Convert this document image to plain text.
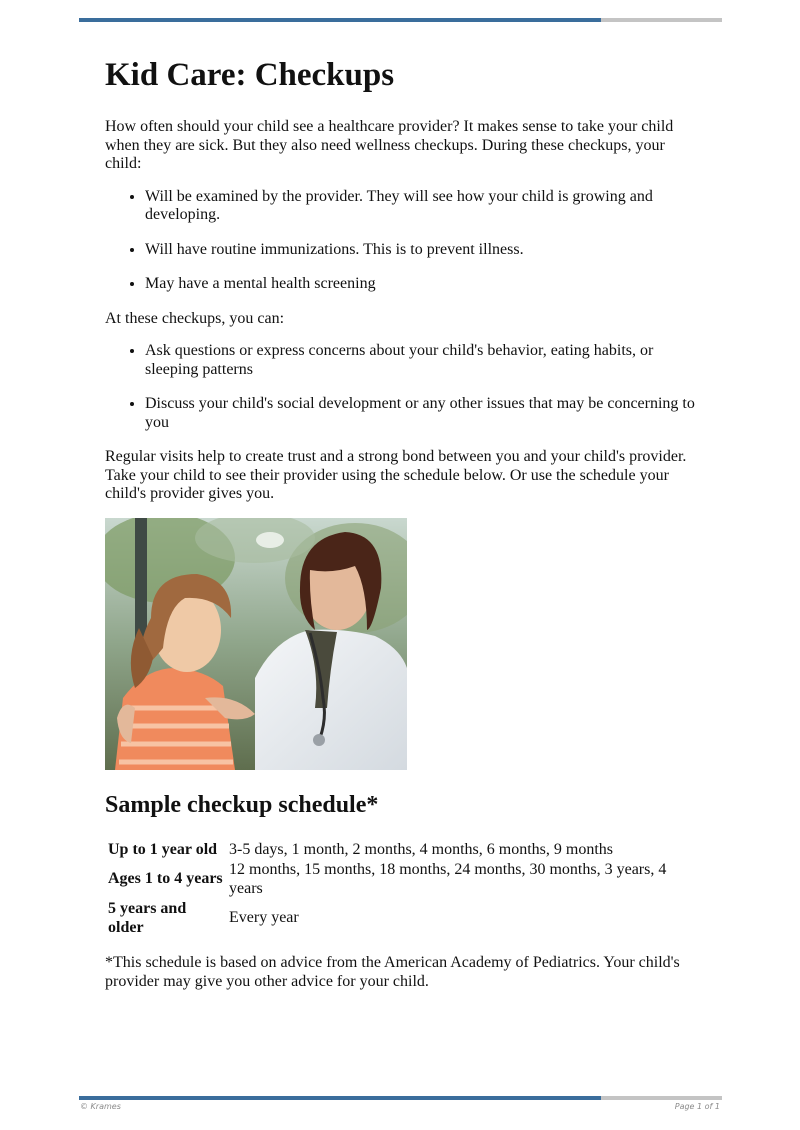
Kid Care: Checkups

How often should your child see a healthcare provider? It makes sense to take your child when they are sick. But they also need wellness checkups. During these checkups, your child:

• Will be examined by the provider. They will see how your child is growing and developing.
• Will have routine immunizations. This is to prevent illness.
• May have a mental health screening

At these checkups, you can:

• Ask questions or express concerns about your child's behavior, eating habits, or sleeping patterns
• Discuss your child's social development or any other issues that may be concerning to you

Regular visits help to create trust and a strong bond between you and your child's provider. Take your child to see their provider using the schedule below. Or use the schedule your child's provider gives you.

Sample checkup schedule*
Up to 1 year old	3-5 days, 1 month, 2 months, 4 months, 6 months, 9 months
Ages 1 to 4 years	12 months, 15 months, 18 months, 24 months, 30 months, 3 years, 4 years
5 years and older	Every year

*This schedule is based on advice from the American Academy of Pediatrics. Your child's provider may give you other advice for your child.

© Krames	Page 1 of 1
